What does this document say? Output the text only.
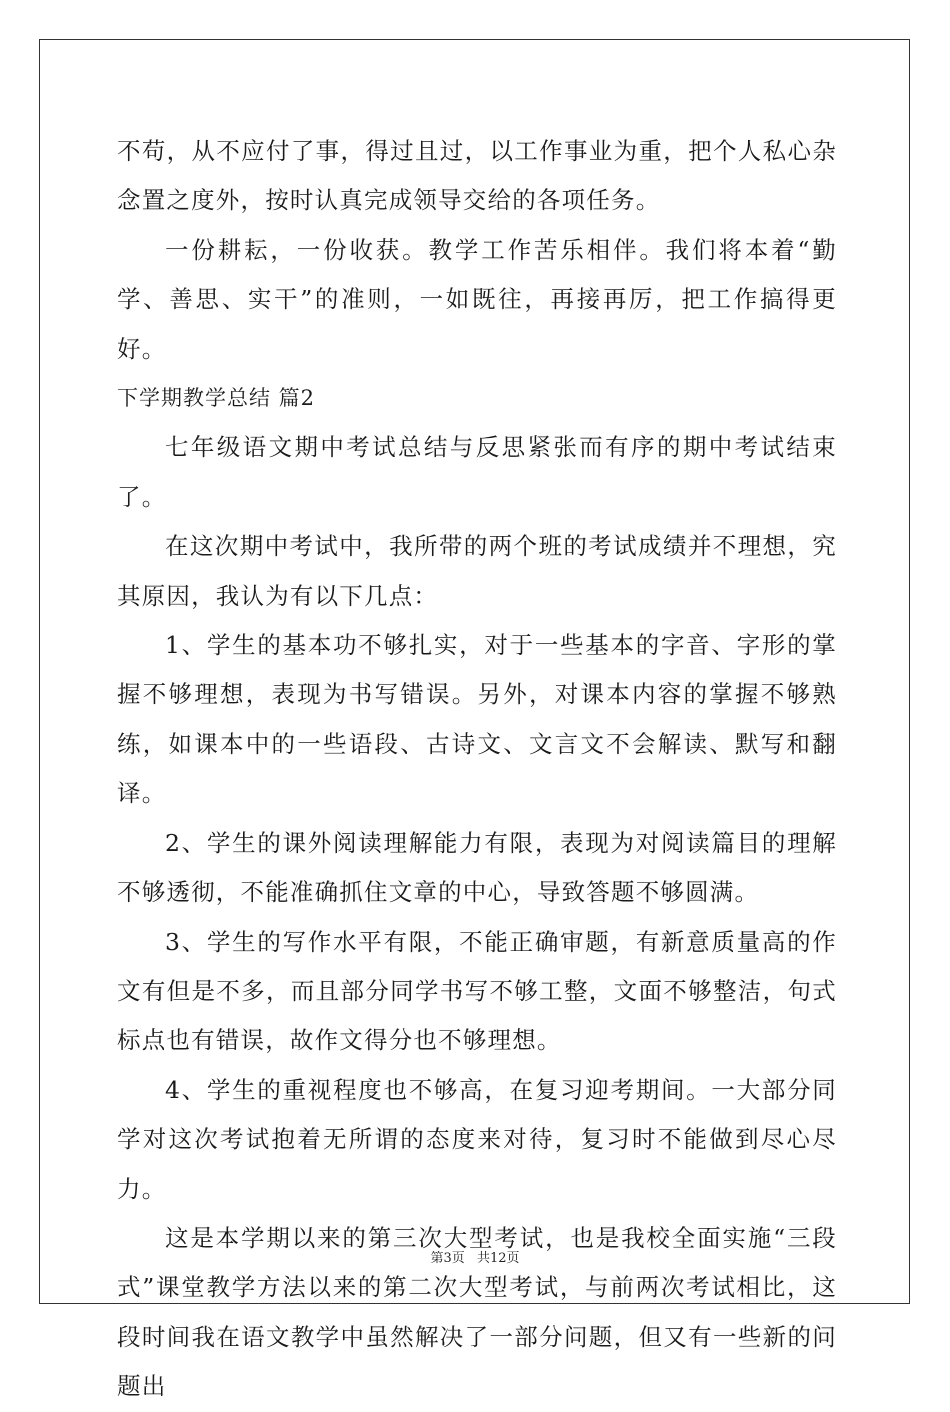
不苟，从不应付了事，得过且过，以工作事业为重，把个人私心杂念置之度外，按时认真完成领导交给的各项任务。

一份耕耘，一份收获。教学工作苦乐相伴。我们将本着“勤学、善思、实干”的准则，一如既往，再接再厉，把工作搞得更好。

下学期教学总结 篇2

七年级语文期中考试总结与反思紧张而有序的期中考试结束了。

在这次期中考试中，我所带的两个班的考试成绩并不理想，究其原因，我认为有以下几点：

1、学生的基本功不够扎实，对于一些基本的字音、字形的掌握不够理想，表现为书写错误。另外，对课本内容的掌握不够熟练，如课本中的一些语段、古诗文、文言文不会解读、默写和翻译。

2、学生的课外阅读理解能力有限，表现为对阅读篇目的理解不够透彻，不能准确抓住文章的中心，导致答题不够圆满。

3、学生的写作水平有限，不能正确审题，有新意质量高的作文有但是不多，而且部分同学书写不够工整，文面不够整洁，句式标点也有错误，故作文得分也不够理想。

4、学生的重视程度也不够高，在复习迎考期间。一大部分同学对这次考试抱着无所谓的态度来对待，复习时不能做到尽心尽力。

这是本学期以来的第三次大型考试，也是我校全面实施“三段式”课堂教学方法以来的第二次大型考试，与前两次考试相比，这段时间我在语文教学中虽然解决了一部分问题，但又有一些新的问题出

第3页 共12页
